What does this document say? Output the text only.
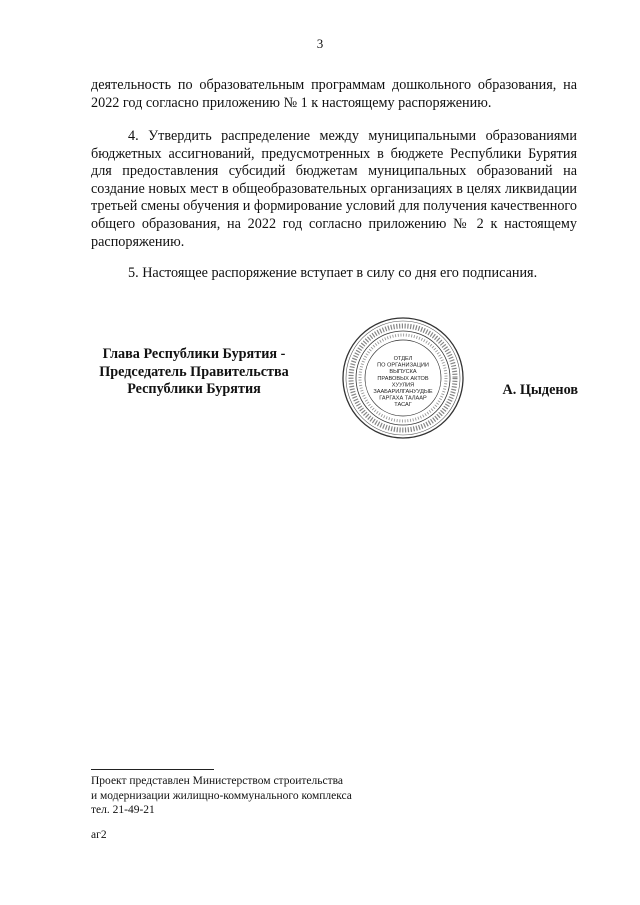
3

деятельность по образовательным программам дошкольного образования, на 2022 год согласно приложению № 1 к настоящему распоряжению.

4. Утвердить распределение между муниципальными образованиями бюджетных ассигнований, предусмотренных в бюджете Республики Бурятия для предоставления субсидий бюджетам муниципальных образований на создание новых мест в общеобразовательных организациях в целях ликвидации третьей смены обучения и формирование условий для получения качественного общего образования, на 2022 год согласно приложению № 2 к настоящему распоряжению.

5. Настоящее распоряжение вступает в силу со дня его подписания.

Глава Республики Бурятия -
Председатель Правительства
Республики Бурятия
ОТДЕЛ
ПО ОРГАНИЗАЦИИ
ВЫПУСКА
ПРАВОВЫХ АКТОВ
ХУУЛИЯ
ЗААБАРИЛГАНУУДЫЕ
ГАРГАХА ТАЛААР
ТАСАГ
А. Цыденов
Проект представлен Министерством строительства
и модернизации жилищно-коммунального комплекса
тел. 21-49-21
аг2
